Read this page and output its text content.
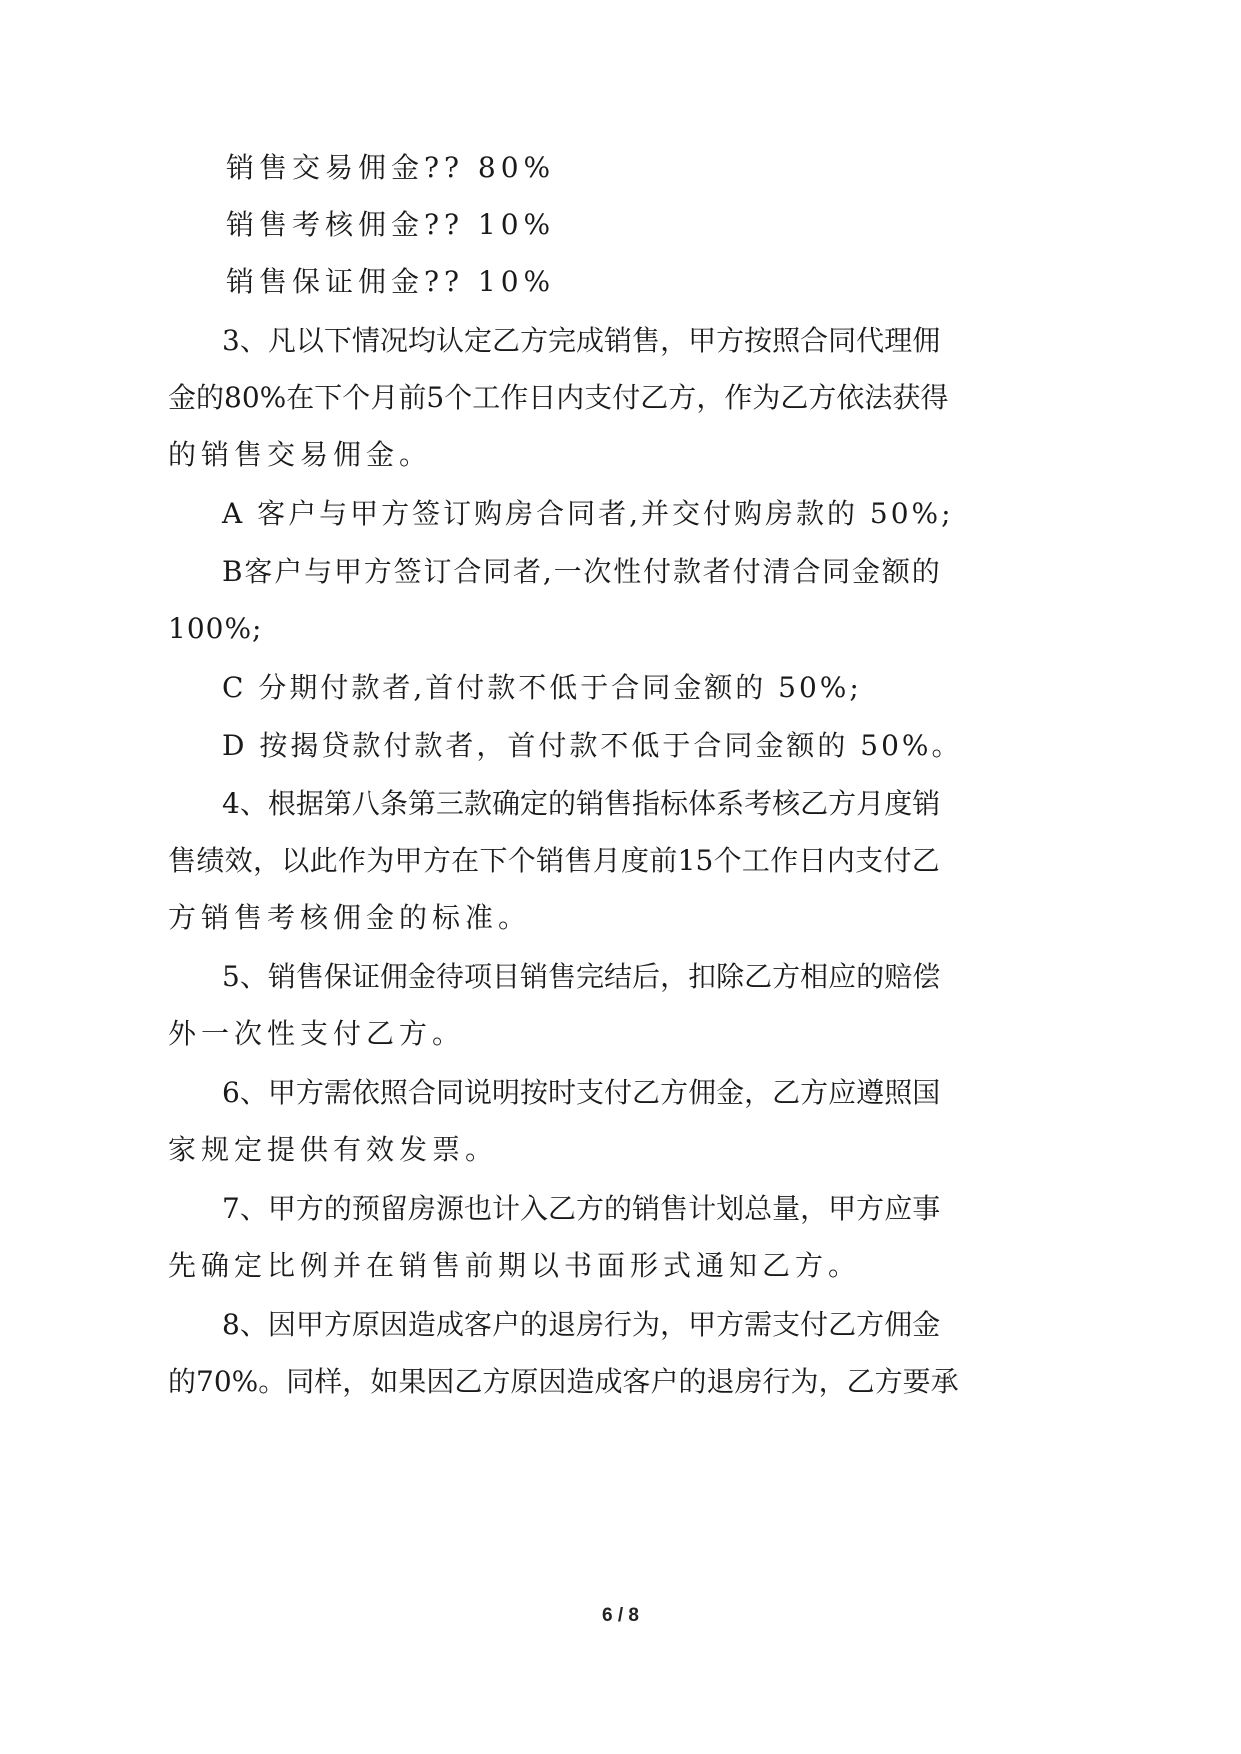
销售交易佣金?? 80%
销售考核佣金?? 10%
销售保证佣金?? 10%
3 、 凡 以 下 情 况 均 认 定 乙 方 完 成 销 售 ， 甲 方 按 照 合 同 代 理 佣
金 的 80% 在 下 个 月 前 5 个 工 作 日 内 支 付 乙 方 ， 作 为 乙 方 依 法 获 得
的销售交易佣金。
A 客户与甲方签订购房合同者,并交付购房款的 50%;
B 客 户 与 甲 方 签 订 合 同 者 , 一 次 性 付 款 者 付 清 合 同 金 额 的
100%;
C 分期付款者,首付款不低于合同金额的 50%;
D 按揭贷款付款者，首付款不低于合同金额的 50%。
4 、 根 据 第 八 条 第 三 款 确 定 的 销 售 指 标 体 系 考 核 乙 方 月 度 销
售 绩 效 ， 以 此 作 为 甲 方 在 下 个 销 售 月 度 前 15 个 工 作 日 内 支 付 乙
方销售考核佣金的标准。
5 、 销 售 保 证 佣 金 待 项 目 销 售 完 结 后 ， 扣 除 乙 方 相 应 的 赔 偿
外一次性支付乙方。
6 、 甲 方 需 依 照 合 同 说 明 按 时 支 付 乙 方 佣 金 ， 乙 方 应 遵 照 国
家规定提供有效发票。
7 、 甲 方 的 预 留 房 源 也 计 入 乙 方 的 销 售 计 划 总 量 ， 甲 方 应 事
先确定比例并在销售前期以书面形式通知乙方。
8 、 因 甲 方 原 因 造 成 客 户 的 退 房 行 为 ， 甲 方 需 支 付 乙 方 佣 金
的 70% 。 同 样 ， 如 果 因 乙 方 原 因 造 成 客 户 的 退 房 行 为 ， 乙 方 要 承
6 / 8
